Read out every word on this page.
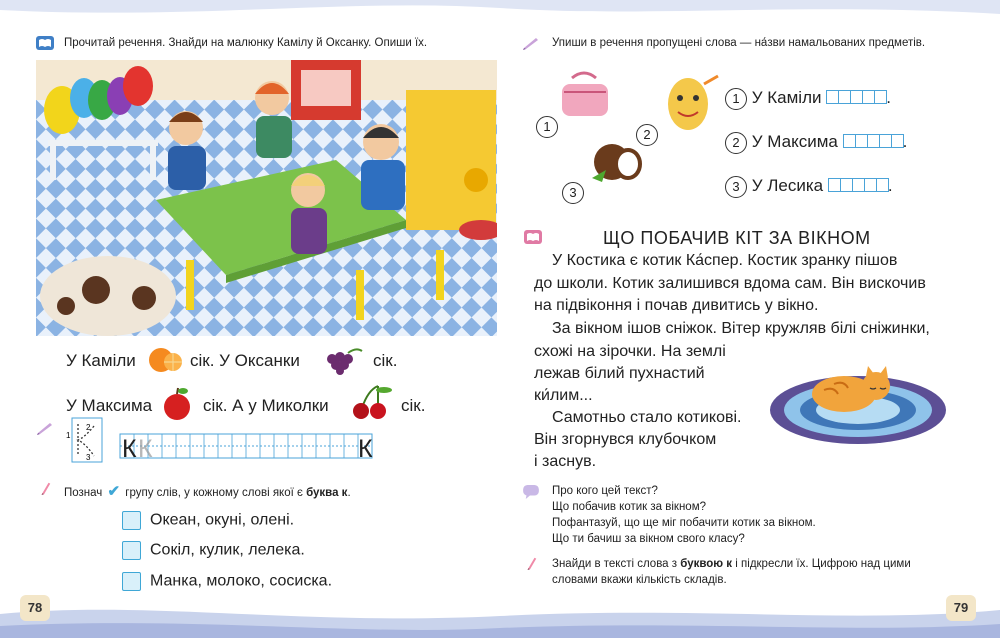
Прочитай речення. Знайди на малюнку Камілу й Оксанку. Опиши їх.
У Каміли	сік. У Оксанки	сік.
У Максима	сік. А у Миколки	сік.
1
2
3 К К	К
Познач ✔ групу слів, у кожному слові якої є буква к.
Океан, окуні, олені.
Сокіл, кулик, лелека.
Манка, молоко, сосиска.
78
Упиши в речення пропущені слова — на́зви намальованих предметів.
1
2
3
1 У Каміли	.
2 У Максима	.
3 У Лесика	.
ЩО ПОБАЧИВ КІТ ЗА ВІКНОМ
У Костика є котик Ка́спер. Костик зранку пішов
до школи. Котик залишився вдома сам. Він вискочив
на підвіконня і почав дивитись у вікно.
За вікном ішов сніжок. Вітер кружляв білі сніжинки,
схожі на зірочки. На землі
лежав білий пухнастий
ки́лим...
Самотньо стало котикові.
Він згорнувся клубочком
і заснув.
Про кого цей текст?
Що побачив котик за вікном?
Пофантазуй, що ще міг побачити котик за вікном.
Що ти бачиш за вікном свого класу?
Знайди в тексті слова з буквою к і підкресли їх. Цифрою над цими
словами вкажи кількість складів.
79
